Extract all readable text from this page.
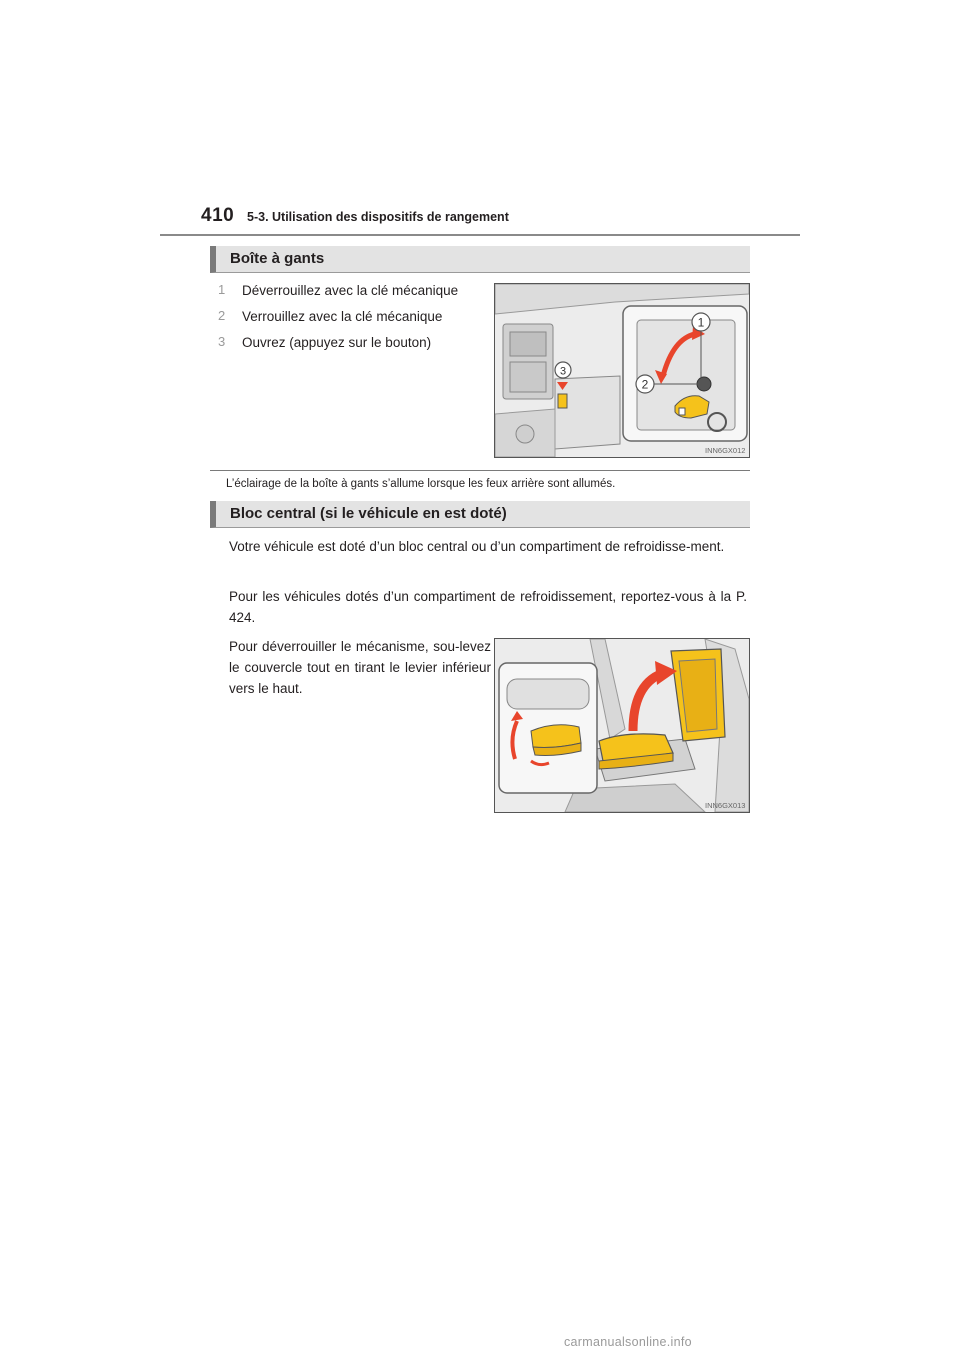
410 5-3. Utilisation des dispositifs de rangement
Boîte à gants
1 Déverrouillez avec la clé mécanique
2 Verrouillez avec la clé mécanique
3 Ouvrez (appuyez sur le bouton)
3
1
2
INN6GX012
L’éclairage de la boîte à gants s’allume lorsque les feux arrière sont allumés.
Bloc central (si le véhicule en est doté)

Votre véhicule est doté d’un bloc central ou d’un compartiment de refroidisse-ment.

Pour les véhicules dotés d’un compartiment de refroidissement, reportez-vous à la P. 424.

Pour déverrouiller le mécanisme, sou-levez le couvercle tout en tirant le levier inférieur vers le haut.

INN6GX013
carmanualsonline.info
